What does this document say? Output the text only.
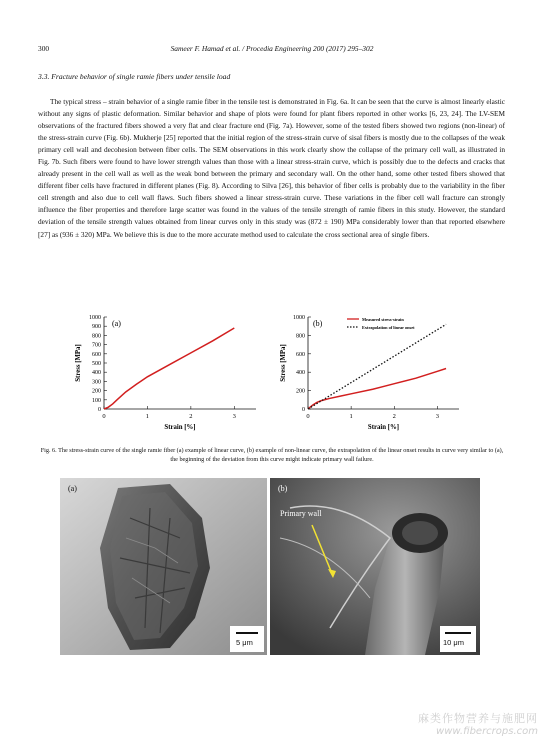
300	Sameer F. Hamad et al. / Procedia Engineering 200 (2017) 295–302
3.3. Fracture behavior of single ramie fibers under tensile load

The typical stress – strain behavior of a single ramie fiber in the tensile test is demonstrated in Fig. 6a. It can be seen that the curve is almost linearly elastic without any signs of plastic deformation. Similar behavior and shape of plots were found for plant fibers reported in other works [6, 23, 24]. The LV-SEM observations of the fractured fibers showed a very flat and clear fracture end (Fig. 7a). However, some of the tested fibers showed two regions (non-linear) of the stress-strain curve (Fig. 6b). Mukherje [25] reported that the initial region of the stress-strain curve of sisal fibers is mostly due to the collapses of the weak primary cell wall and decohesion between fiber cells. The SEM observations in this work clearly show the collapse of the primary cell wall, as illustrated in Fig. 7b. Such fibers were found to have lower strength values than those with a linear stress-strain curve, which is possibly due to the defects and cracks that already present in the cell wall as well as the weak bond between the primary and secondary wall. On the other hand, some other tested fibers showed that different fiber cells have fractured in different planes (Fig. 8). According to Silva [26], this behavior of fiber cells is probably due to the variability in the fiber cell strength and also due to cell wall flaws. Such fibers showed a linear stress-strain curve. These variations in the fiber cell wall fracture can strongly influence the fiber properties and therefore large scatter was found in the values of the tensile strength of ramie fibers in this study. However, the standard deviation of the tensile strength values obtained from linear curves only in this study was (872 ± 190) MPa considerably lower than that reported elsewhere [27] as (936 ± 320) MPa. We believe this is due to the more accurate method used to calculate the cross sectional area of single fibers.

(a)
Strain [%]
Stress [MPa]
0
100
200
300
400
500
600
700
800
900
1000
0	1	2	3
(b)
Strain [%]
Stress [MPa]
0
200
400
600
800
1000
0	1	2	3
Measured stress-strain
Extrapolation of linear onset
Fig. 6. The stress-strain curve of the single ramie fiber (a) example of linear curve, (b) example of non-linear curve, the extrapolation of the linear onset results in curve very similar to (a), the beginning of the deviation from this curve might indicate primary wall failure.
(a)
5 μm
(b)
Primary wall
10 μm
麻类作物营养与施肥网
www.fibercrops.com
